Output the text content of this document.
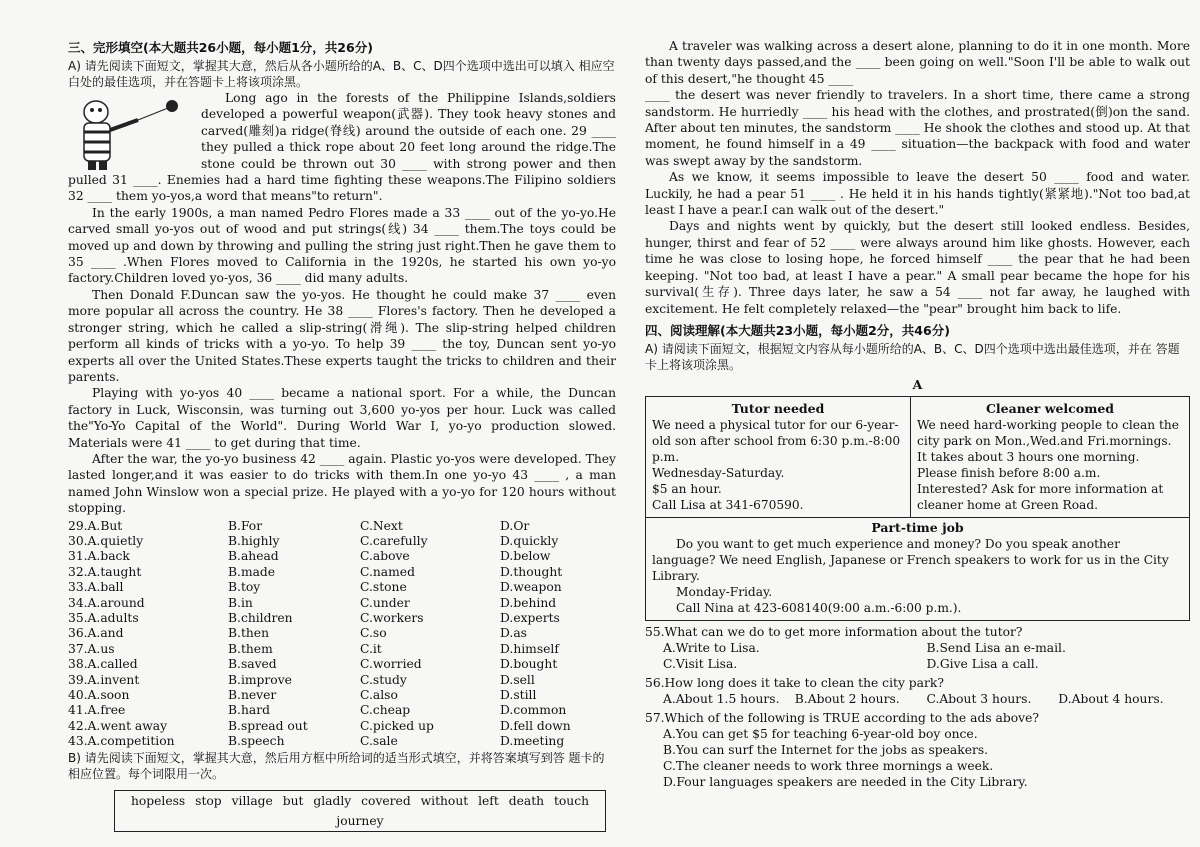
三、完形填空(本大题共26小题，每小题1分，共26分)
A) 请先阅读下面短文，掌握其大意，然后从各小题所给的A、B、C、D四个选项中选出可以填入 相应空白处的最佳选项，并在答题卡上将该项涂黑。

Long ago in the forests of the Philippine Islands,soldiers developed a powerful weapon(武器). They took heavy stones and carved(雕刻)a ridge(脊线) around the outside of each one. 29 ____ they pulled a thick rope about 20 feet long around the ridge.The stone could be thrown out 30 ____ with strong power and then pulled 31 ____. Enemies had a hard time fighting these weapons.The Filipino soldiers 32 ____ them yo-yos,a word that means"to return".

In the early 1900s, a man named Pedro Flores made a 33 ____ out of the yo-yo.He carved small yo-yos out of wood and put strings(线) 34 ____ them.The toys could be moved up and down by throwing and pulling the string just right.Then he gave them to 35 ____ .When Flores moved to California in the 1920s, he started his own yo-yo factory.Children loved yo-yos, 36 ____ did many adults.

Then Donald F.Duncan saw the yo-yos. He thought he could make 37 ____ even more popular all across the country. He 38 ____ Flores's factory. Then he developed a stronger string, which he called a slip-string(滑绳). The slip-string helped children perform all kinds of tricks with a yo-yo. To help 39 ____ the toy, Duncan sent yo-yo experts all over the United States.These experts taught the tricks to children and their parents.

Playing with yo-yos 40 ____ became a national sport. For a while, the Duncan factory in Luck, Wisconsin, was turning out 3,600 yo-yos per hour. Luck was called the"Yo-Yo Capital of the World". During World War I, yo-yo production slowed. Materials were 41 ____ to get during that time.

After the war, the yo-yo business 42 ____ again. Plastic yo-yos were developed. They lasted longer,and it was easier to do tricks with them.In one yo-yo 43 ____ , a man named John Winslow won a special prize. He played with a yo-yo for 120 hours without stopping.

29.A.But	B.For	C.Next	D.Or
30.A.quietly	B.highly	C.carefully	D.quickly
31.A.back	B.ahead	C.above	D.below
32.A.taught	B.made	C.named	D.thought
33.A.ball	B.toy	C.stone	D.weapon
34.A.around	B.in	C.under	D.behind
35.A.adults	B.children	C.workers	D.experts
36.A.and	B.then	C.so	D.as
37.A.us	B.them	C.it	D.himself
38.A.called	B.saved	C.worried	D.bought
39.A.invent	B.improve	C.study	D.sell
40.A.soon	B.never	C.also	D.still
41.A.free	B.hard	C.cheap	D.common
42.A.went away	B.spread out	C.picked up	D.fell down
43.A.competition	B.speech	C.sale	D.meeting
B) 请先阅读下面短文，掌握其大意，然后用方框中所给词的适当形式填空，并将答案填写到答 题卡的相应位置。每个词限用一次。
hopeless stop village but gladly covered without left death touch journey

A traveler was walking across a desert alone, planning to do it in one month. More than twenty days passed,and the ____ been going on well."Soon I'll be able to walk out of this desert,"he thought 45 ____

____ the desert was never friendly to travelers. In a short time, there came a strong sandstorm. He hurriedly ____ his head with the clothes, and prostrated(倒)on the sand. After about ten minutes, the sandstorm ____ He shook the clothes and stood up. At that moment, he found himself in a 49 ____ situation—the backpack with food and water was swept away by the sandstorm.

As we know, it seems impossible to leave the desert 50 ____ food and water. Luckily, he had a pear 51 ____ . He held it in his hands tightly(紧紧地)."Not too bad,at least I have a pear.I can walk out of the desert."

Days and nights went by quickly, but the desert still looked endless. Besides, hunger, thirst and fear of 52 ____ were always around him like ghosts. However, each time he was close to losing hope, he forced himself ____ the pear that he had been keeping. "Not too bad, at least I have a pear." A small pear became the hope for his survival(生存). Three days later, he saw a 54 ____ not far away, he laughed with excitement. He felt completely relaxed—the "pear" brought him back to life.

四、阅读理解(本大题共23小题，每小题2分，共46分)
A) 请阅读下面短文，根据短文内容从每小题所给的A、B、C、D四个选项中选出最佳选项，并在 答题卡上将该项涂黑。
A
Tutor needed
We need a physical tutor for our 6-year-old son after school from 6:30 p.m.-8:00 p.m.
Wednesday-Saturday.
$5 an hour.
Call Lisa at 341-670590.
Cleaner welcomed
We need hard-working people to clean the city park on Mon.,Wed.and Fri.mornings.
It takes about 3 hours one morning.
Please finish before 8:00 a.m.
Interested? Ask for more information at cleaner home at Green Road.
Part-time job
Do you want to get much experience and money? Do you speak another language? We need English, Japanese or French speakers to work for us in the City Library.
Monday-Friday.
Call Nina at 423-608140(9:00 a.m.-6:00 p.m.).
55.What can we do to get more information about the tutor?
A.Write to Lisa.	B.Send Lisa an e-mail.
C.Visit Lisa.	D.Give Lisa a call.
56.How long does it take to clean the city park?
A.About 1.5 hours.	B.About 2 hours.	C.About 3 hours.	D.About 4 hours.
57.Which of the following is TRUE according to the ads above?
A.You can get $5 for teaching 6-year-old boy once.
B.You can surf the Internet for the jobs as speakers.
C.The cleaner needs to work three mornings a week.
D.Four languages speakers are needed in the City Library.
